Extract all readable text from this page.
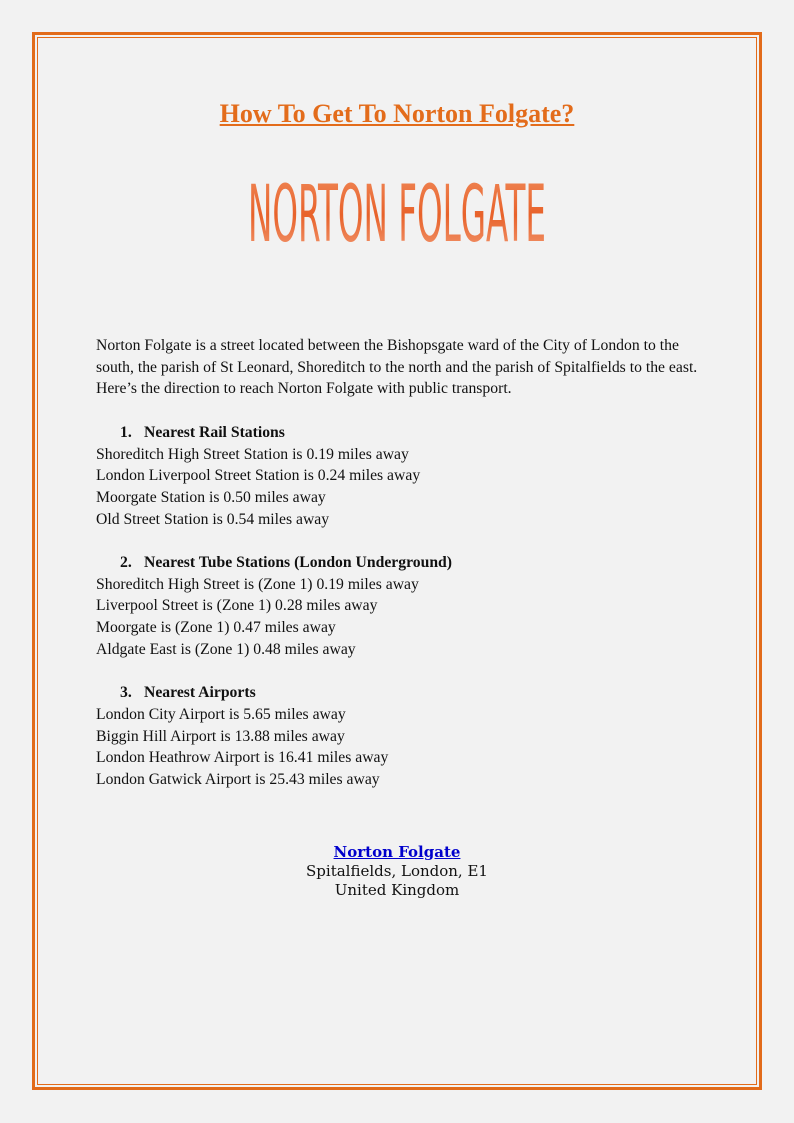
How To Get To Norton Folgate?
NORTON FOLGATE

Norton Folgate is a street located between the Bishopsgate ward of the City of London to the south, the parish of St Leonard, Shoreditch to the north and the parish of Spitalfields to the east. Here’s the direction to reach Norton Folgate with public transport.

1. Nearest Rail Stations

Shoreditch High Street Station is 0.19 miles away

London Liverpool Street Station is 0.24 miles away

Moorgate Station is 0.50 miles away

Old Street Station is 0.54 miles away

2. Nearest Tube Stations (London Underground)

Shoreditch High Street is (Zone 1) 0.19 miles away

Liverpool Street is (Zone 1) 0.28 miles away

Moorgate is (Zone 1) 0.47 miles away

Aldgate East is (Zone 1) 0.48 miles away

3. Nearest Airports

London City Airport is 5.65 miles away

Biggin Hill Airport is 13.88 miles away

London Heathrow Airport is 16.41 miles away

London Gatwick Airport is 25.43 miles away

Norton Folgate
Spitalfields, London, E1
United Kingdom
